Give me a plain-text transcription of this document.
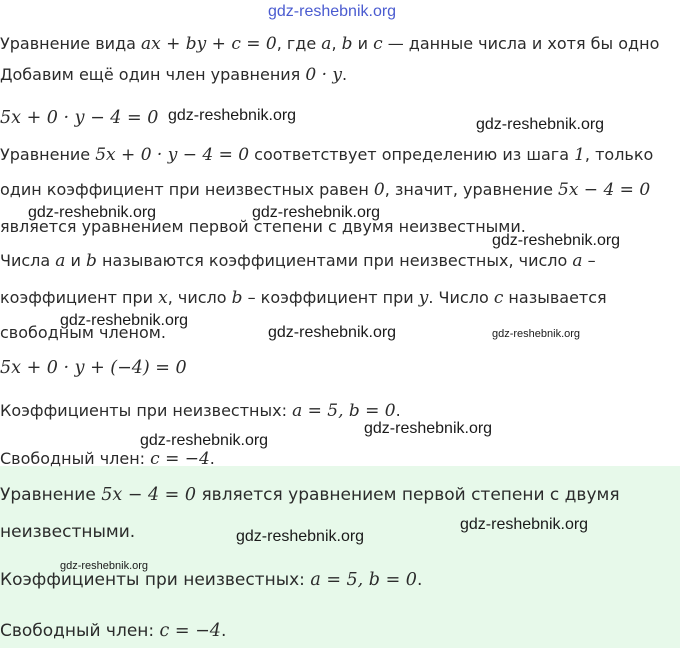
Уравнение вида ax + by + c = 0, где a, b и c — данные числа и хотя бы одно
Добавим ещё один член уравнения 0 · y.
5x + 0 · y − 4 = 0
Уравнение 5x + 0 · y − 4 = 0 соответствует определению из шага 1, только
один коэффициент при неизвестных равен 0, значит, уравнение 5x − 4 = 0
является уравнением первой степени с двумя неизвестными.
Числа a и b называются коэффициентами при неизвестных, число a –
коэффициент при x, число b – коэффициент при y. Число c называется
свободным членом.
5x + 0 · y + (−4) = 0
Коэффициенты при неизвестных: a = 5, b = 0.
Свободный член: c = −4.
Уравнение 5x − 4 = 0 является уравнением первой степени с двумя
неизвестными.
Коэффициенты при неизвестных: a = 5, b = 0.
Свободный член: c = −4.
gdz-reshebnik.org
gdz-reshebnik.org
gdz-reshebnik.org
gdz-reshebnik.org	gdz-reshebnik.org
gdz-reshebnik.org
gdz-reshebnik.org
gdz-reshebnik.org	gdz-reshebnik.org
gdz-reshebnik.org
gdz-reshebnik.org
gdz-reshebnik.org
gdz-reshebnik.org
gdz-reshebnik.org
